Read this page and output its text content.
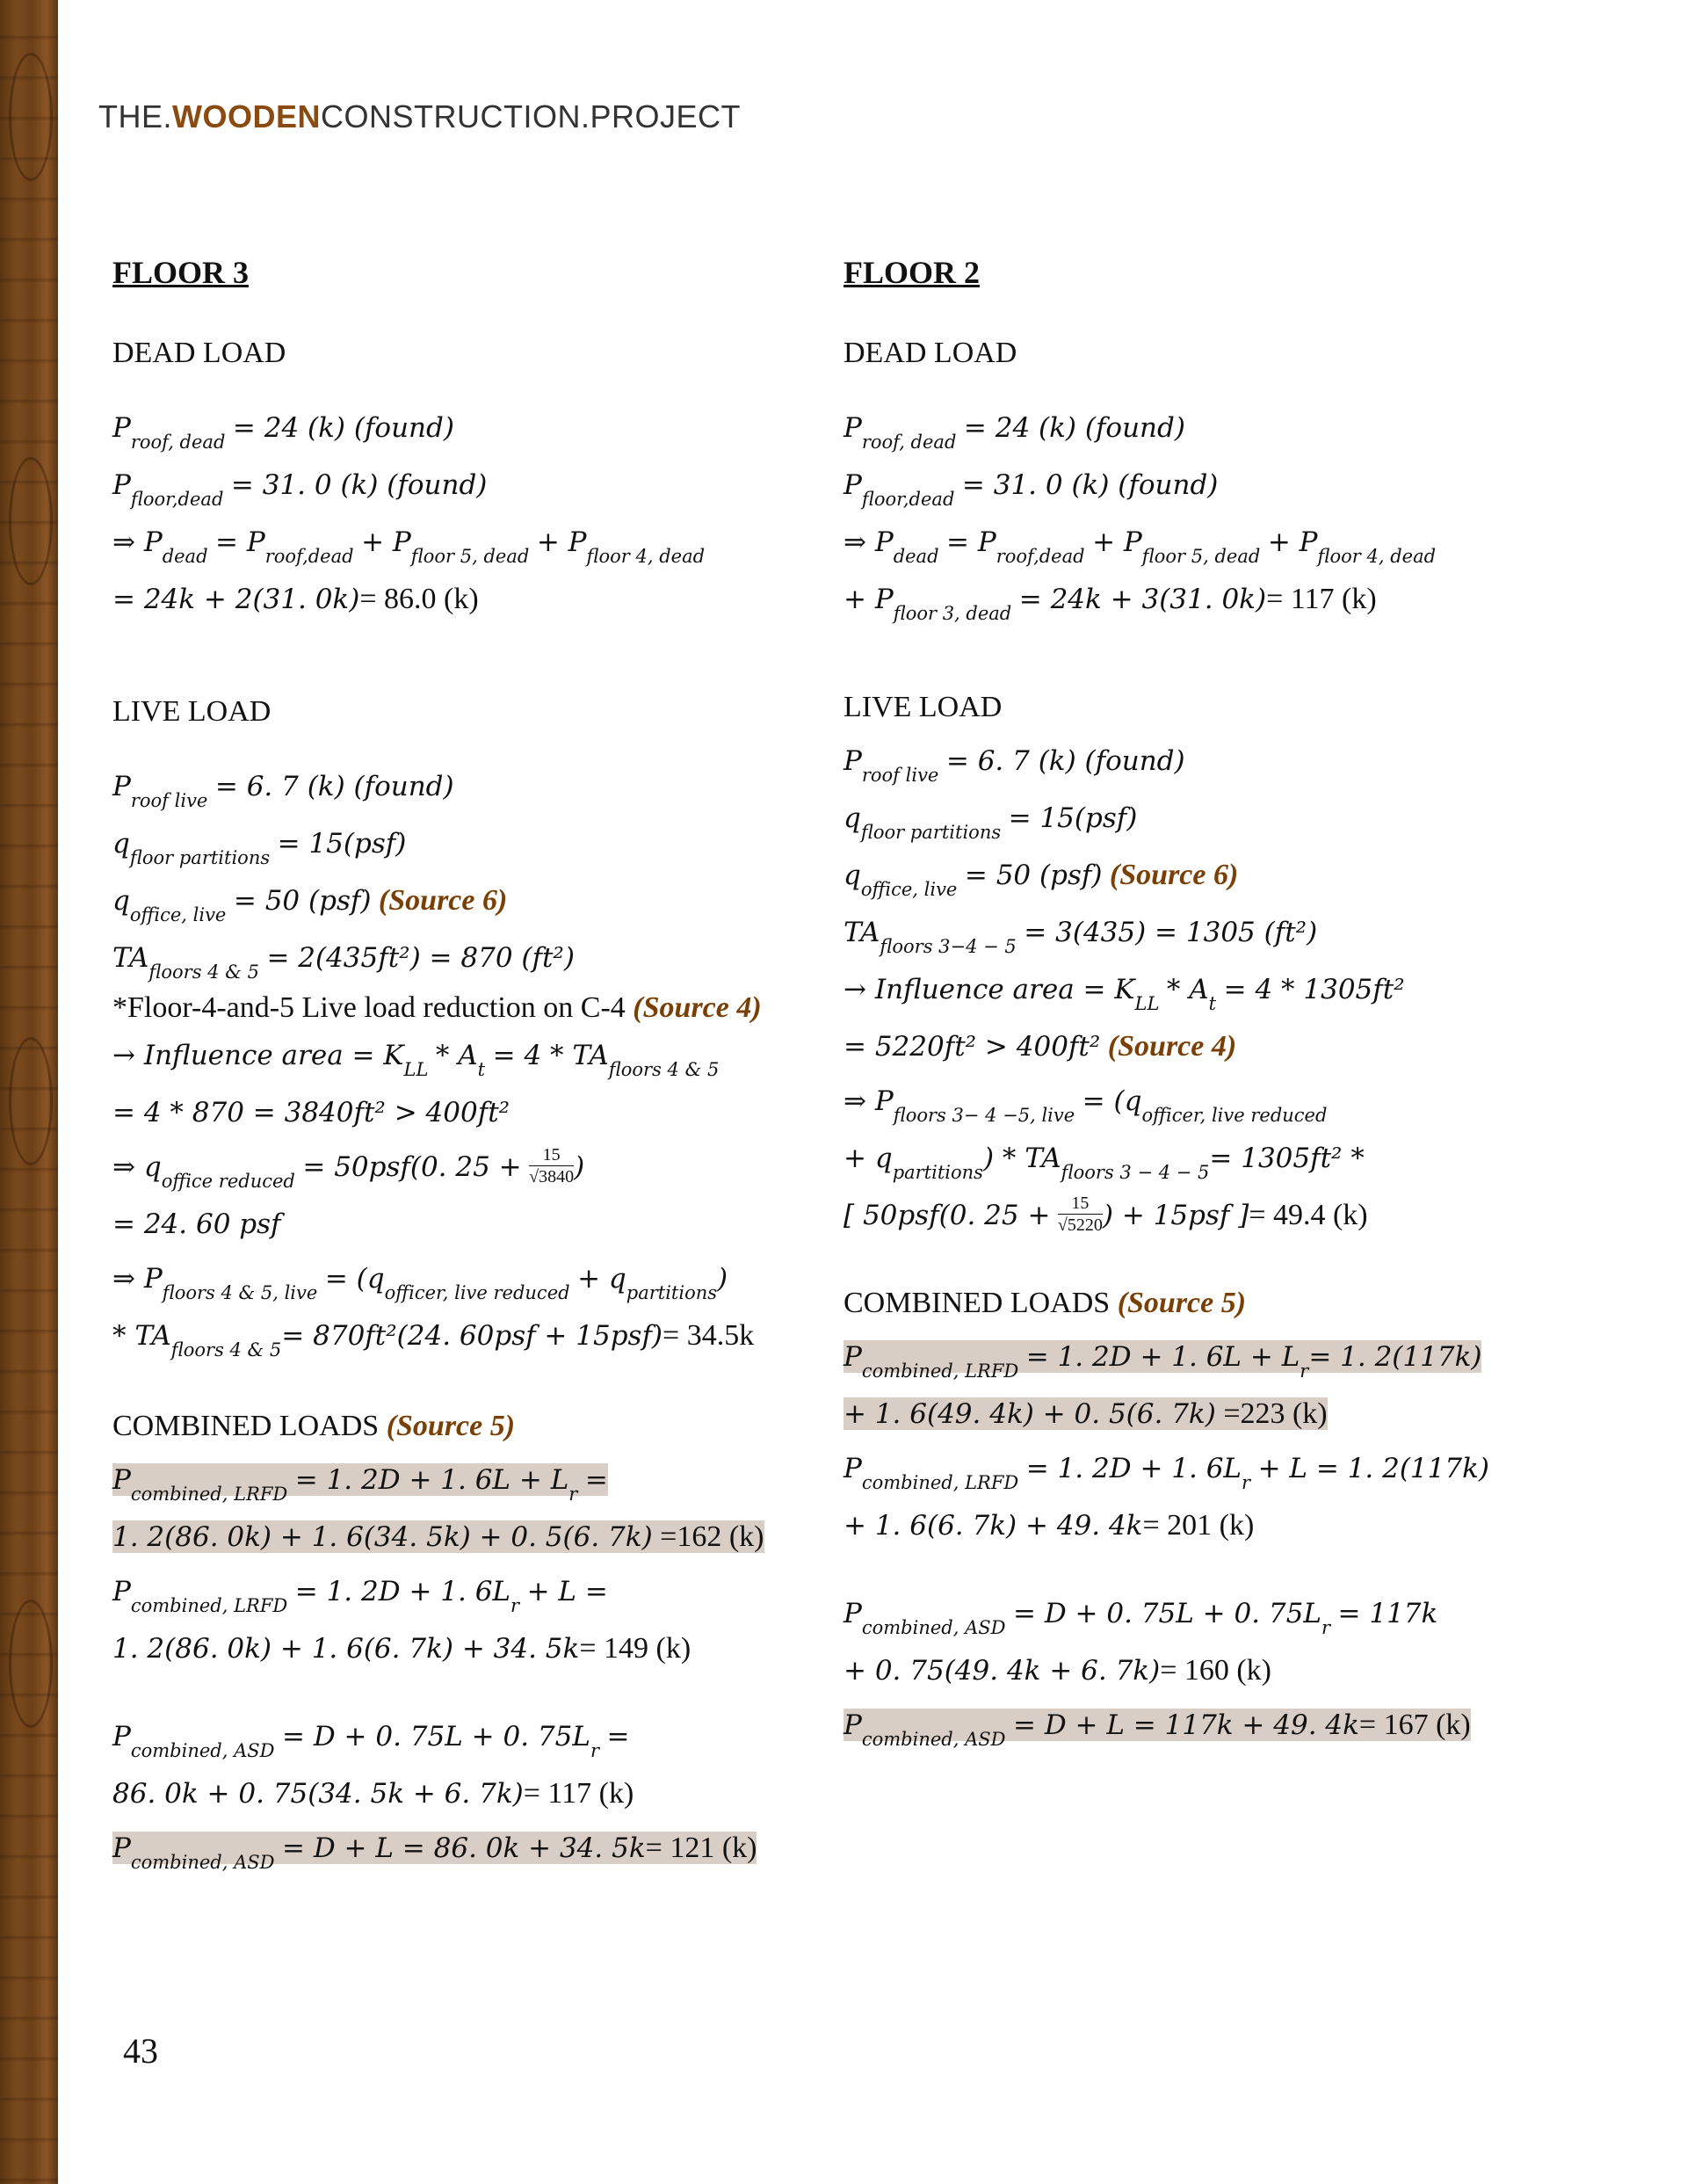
THE.WOODENCONSTRUCTION.PROJECT
FLOOR 3
DEAD LOAD
$P_{roof, dead} = 24$ (k) (found)
$P_{floor,dead} = 31$. 0 (k) (found)
⇒ $P_{dead} = P_{roof,dead} + P_{floor 5, dead} + P_{floor 4, dead}$
= 24k + 2(31. 0k)= 86.0 (k)
LIVE LOAD
$P_{roof live} = 6$. 7 (k) (found)
$q_{floor partitions} = 15(psf)$
$q_{office, live} = 50$ (psf) (Source 6)
$TA_{floors 4 \& 5} = 2(435ft^2) = 870$ (ft²)
*Floor-4-and-5 Live load reduction on C-4 (Source 4)
→ Influence area = $K_{LL} * A_t = 4 * TA_{floors 4 \& 5}$
= 4 * 870 = 3840ft² > 400ft²
⇒ $q_{office reduced} = 50psf(0$. $25 + \frac{15}{√3840}$ )
= 24. 60 psf
⇒ $P_{floors 4 \& 5, live} = (q_{officer, live reduced} + q_{partitions})$
* $TA_{floors 4 \& 5}= 870ft^2(24$. 60psf + 15psf)= 34.5k
COMBINED LOADS (Source 5)
$P_{combined, LRFD} = 1$. 2D + 1. $6L + L_r$ =
1. 2(86. 0k) + 1. 6(34. 5k) + 0. 5(6. 7k) =162 (k)
$P_{combined, LRFD} = 1$. 2D + 1. $6L_r + L$ =
1. 2(86. 0k) + 1. 6(6. 7k) + 34. 5k= 149 (k)
$P_{combined, ASD} = D + 0$. 75L + 0. $75L_r$ =
86. 0k + 0. 75(34. 5k + 6. 7k)= 117 (k)
$P_{combined, ASD} = D + L = 86$. 0k + 34. 5k= 121 (k)
FLOOR 2
DEAD LOAD
$P_{roof, dead} = 24$ (k) (found)
$P_{floor,dead} = 31$. 0 (k) (found)
⇒ $P_{dead} = P_{roof,dead} + P_{floor 5, dead} + P_{floor 4, dead}$
+ $P_{floor 3, dead} = 24k + 3(31$. 0k)= 117 (k)
LIVE LOAD
$P_{roof live} = 6$. 7 (k) (found)
$q_{floor partitions} = 15(psf)$
$q_{office, live} = 50$ (psf) (Source 6)
$TA_{floors 3-4 - 5} = 3(435) = 1305$ (ft²)
→ Influence area = $K_{LL} * A_t = 4 * 1305ft^2$
= 5220ft² > 400ft² (Source 4)
⇒ $P_{floors 3- 4 -5, live} = (q_{officer, live reduced}$
+ $q_{partitions}) * TA_{floors 3 - 4 - 5}= 1305ft^2$ *
[ 50psf(0. $25 + \frac{15}{√5220}$ ) + 15psf ]= 49.4 (k)
COMBINED LOADS (Source 5)
$P_{combined, LRFD} = 1$. 2D + 1. $6L + L_r= 1$. 2(117k)
+ 1. 6(49. 4k) + 0. 5(6. 7k) =223 (k)
$P_{combined, LRFD} = 1$. 2D + 1. $6L_r + L = 1$. 2(117k)
+ 1. 6(6. 7k) + 49. 4k= 201 (k)
$P_{combined, ASD} = D + 0$. 75L + 0. $75L_r = 117k$
+ 0. 75(49. 4k + 6. 7k)= 160 (k)
$P_{combined, ASD} = D + L = 117k + 49$. 4k= 167 (k)
43
